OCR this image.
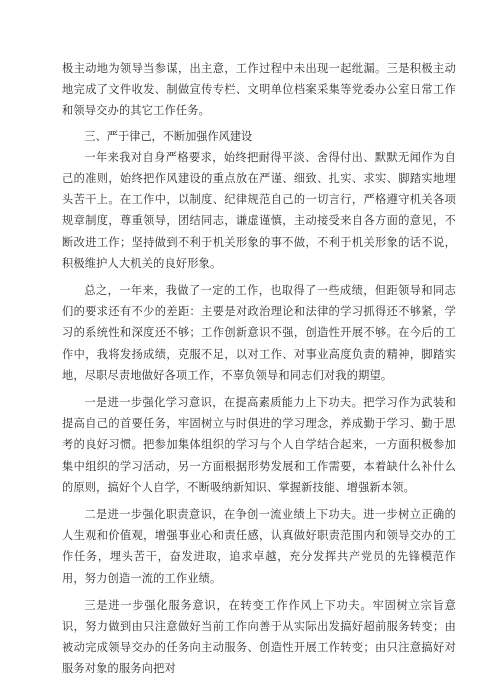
极主动地为领导当参谋，出主意，工作过程中未出现一起纰漏。三是积极主动地完成了文件收发、制做宣传专栏、文明单位档案采集等党委办公室日常工作和领导交办的其它工作任务。

三、严于律己，不断加强作风建设

一年来我对自身严格要求，始终把耐得平淡、舍得付出、默默无闻作为自己的准则，始终把作风建设的重点放在严谨、细致、扎实、求实、脚踏实地埋头苦干上。在工作中，以制度、纪律规范自己的一切言行，严格遵守机关各项规章制度，尊重领导，团结同志，谦虚谨慎，主动接受来自各方面的意见，不断改进工作；坚持做到不利于机关形象的事不做，不利于机关形象的话不说，积极维护人大机关的良好形象。

总之，一年来，我做了一定的工作，也取得了一些成绩，但距领导和同志们的要求还有不少的差距：主要是对政治理论和法律的学习抓得还不够紧，学习的系统性和深度还不够；工作创新意识不强，创造性开展不够。在今后的工作中，我将发扬成绩，克服不足，以对工作、对事业高度负责的精神，脚踏实地，尽职尽责地做好各项工作，不辜负领导和同志们对我的期望。

一是进一步强化学习意识，在提高素质能力上下功夫。把学习作为武装和提高自己的首要任务，牢固树立与时俱进的学习理念，养成勤于学习、勤于思考的良好习惯。把参加集体组织的学习与个人自学结合起来，一方面积极参加集中组织的学习活动，另一方面根据形势发展和工作需要，本着缺什么补什么的原则，搞好个人自学，不断吸纳新知识、掌握新技能、增强新本领。

二是进一步强化职责意识，在争创一流业绩上下功夫。进一步树立正确的人生观和价值观，增强事业心和责任感，认真做好职责范围内和领导交办的工作任务，埋头苦干，奋发进取，追求卓越，充分发挥共产党员的先锋模范作用，努力创造一流的工作业绩。

三是进一步强化服务意识，在转变工作作风上下功夫。牢固树立宗旨意识，努力做到由只注意做好当前工作向善于从实际出发搞好超前服务转变；由被动完成领导交办的任务向主动服务、创造性开展工作转变；由只注意搞好对服务对象的服务向把对
